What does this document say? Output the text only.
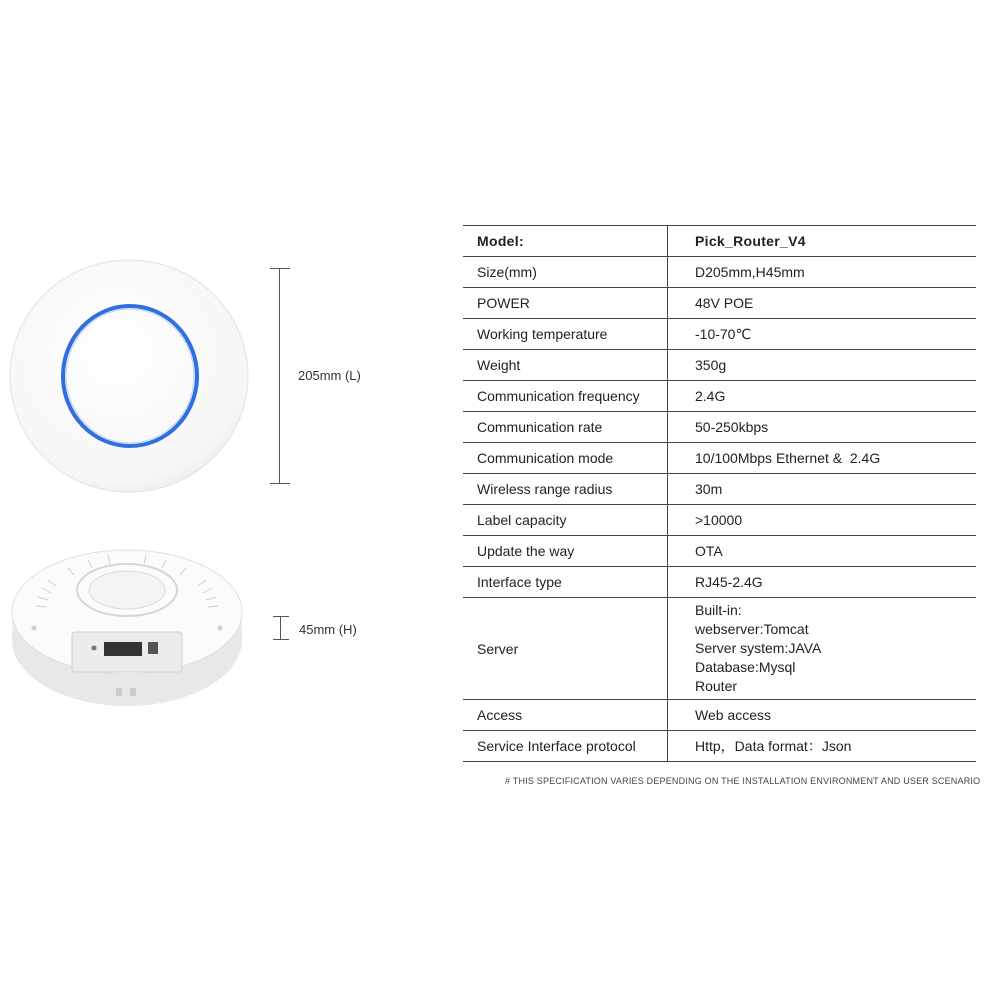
205mm (L)
45mm (H)
Model:	Pick_Router_V4
Size(mm)	D205mm,H45mm
POWER	48V POE
Working temperature	-10-70℃
Weight	350g
Communication frequency	2.4G
Communication rate	50-250kbps
Communication mode	10/100Mbps Ethernet &  2.4G
Wireless range radius	30m
Label capacity	>10000
Update the way	OTA
Interface type	RJ45-2.4G
Server	Built-in:
webserver:Tomcat
Server system:JAVA
Database:Mysql
Router

Access	Web access
Service Interface protocol	Http，Data format：Json
# THIS SPECIFICATION VARIES DEPENDING ON THE INSTALLATION ENVIRONMENT AND USER SCENARIO
